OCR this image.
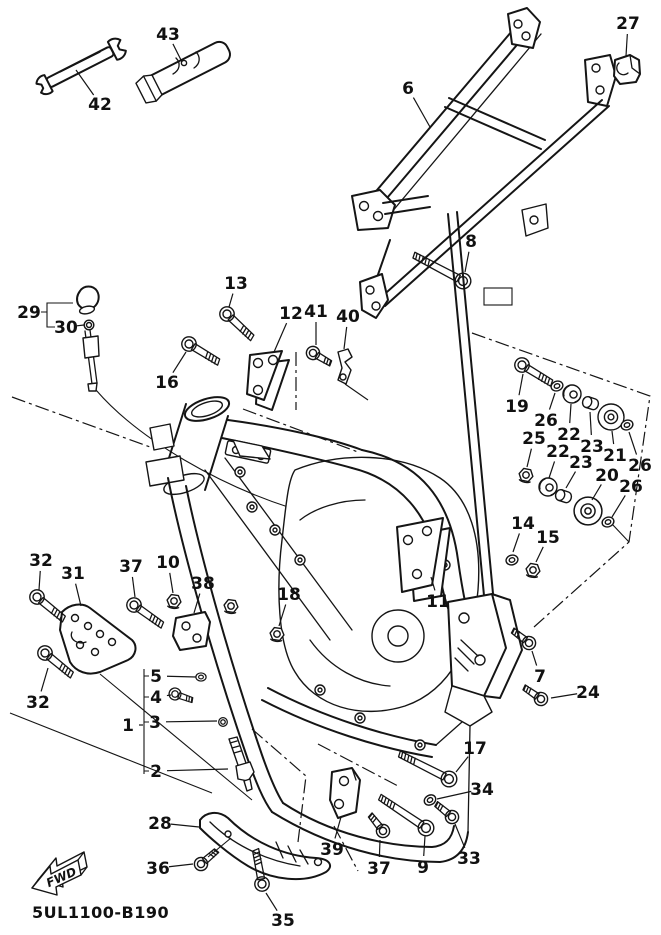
FWD
5UL1100-B190
42
43
6
27
8
29
30
13
12 41 40
16
19
26
22
23 21 26
25
22
23
20
26
14
15
32
31 37 10
38
18	11
32
5
4
1 3
2
28
36
35
39
37 9 33
17
34
7
24
